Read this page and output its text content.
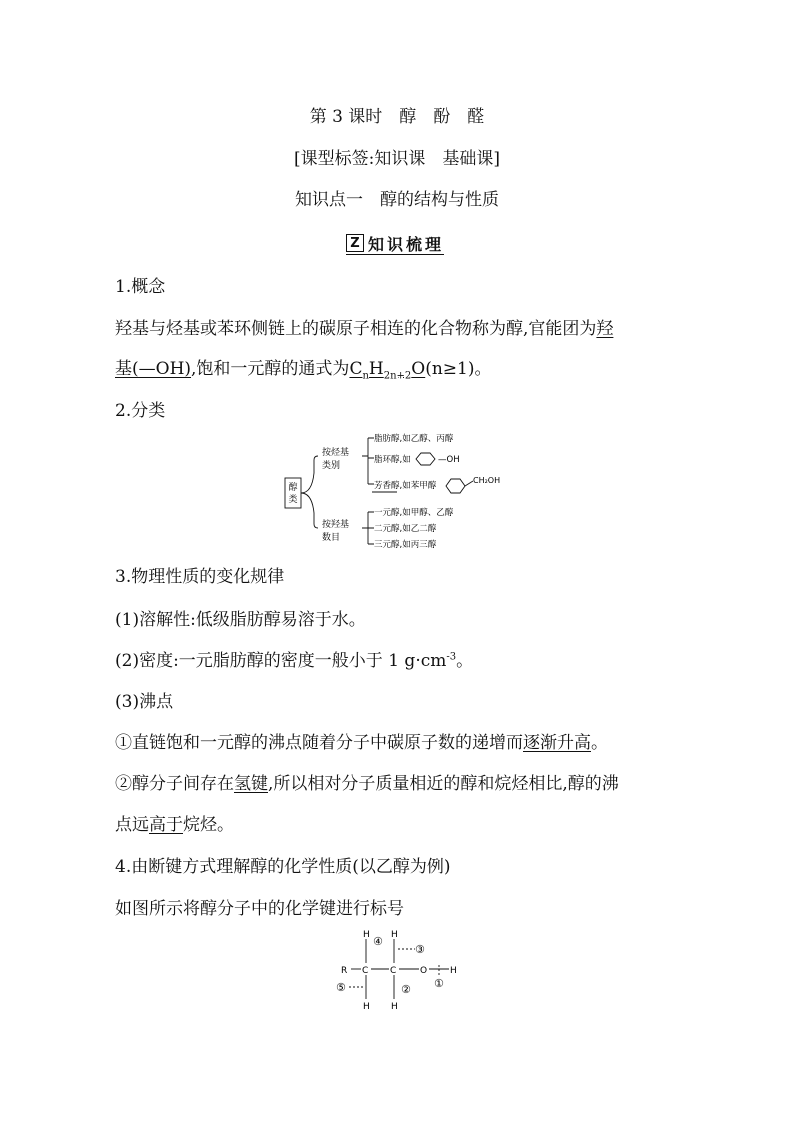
第 3 课时　醇　酚　醛
[课型标签:知识课　基础课]
知识点一　醇的结构与性质
Z 知识梳理
1.概念
羟基与烃基或苯环侧链上的碳原子相连的化合物称为醇,官能团为羟
基(—OH),饱和一元醇的通式为$C_nH_{2n+2}O(n\ge 1)$。
2.分类
醇
类
按烃基
类别
按羟基
数目
脂肪醇,如乙醇、丙醇
脂环醇,如	—OH
芳香醇,如苯甲醇
CH₂OH
一元醇,如甲醇、乙醇
二元醇,如乙二醇
三元醇,如丙三醇
3.物理性质的变化规律
(1)溶解性:低级脂肪醇易溶于水。
(2)密度:一元脂肪醇的密度一般小于 1 $g\cdot cm^{-3}$。
(3)沸点
①直链饱和一元醇的沸点随着分子中碳原子数的递增而逐渐升高。
②醇分子间存在氢键,所以相对分子质量相近的醇和烷烃相比,醇的沸
点远高于烷烃。
4.由断键方式理解醇的化学性质(以乙醇为例)
如图所示将醇分子中的化学键进行标号
R C C	O	H
H
H
H
H
④
③
⑤	② ①
